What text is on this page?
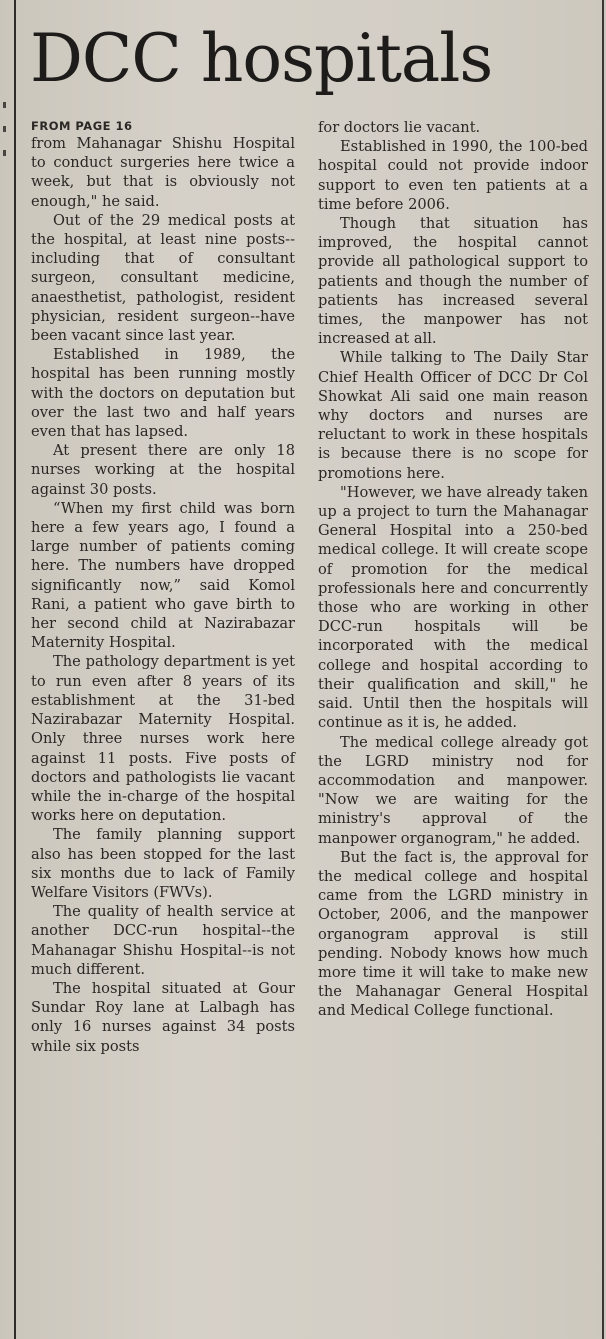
DCC hospitals
FROM PAGE 16

from Mahanagar Shishu Hospital to conduct surgeries here twice a week, but that is obviously not enough," he said.

Out of the 29 medical posts at the hospital, at least nine posts--including that of consultant surgeon, consultant medicine, anaesthetist, pathologist, resident physician, resident surgeon--have been vacant since last year.

Established in 1989, the hospital has been running mostly with the doctors on deputation but over the last two and half years even that has lapsed.

At present there are only 18 nurses working at the hospital against 30 posts.

“When my first child was born here a few years ago, I found a large number of patients coming here. The numbers have dropped significantly now,” said Komol Rani, a patient who gave birth to her second child at Nazirabazar Maternity Hospital.

The pathology department is yet to run even after 8 years of its establishment at the 31-bed Nazirabazar Maternity Hospital. Only three nurses work here against 11 posts. Five posts of doctors and pathologists lie vacant while the in-charge of the hospital works here on deputation.

The family planning support also has been stopped for the last six months due to lack of Family Welfare Visitors (FWVs).

The quality of health service at another DCC-run hospital--the Mahanagar Shishu Hospital--is not much different.

The hospital situated at Gour Sundar Roy lane at Lalbagh has only 16 nurses against 34 posts while six posts

for doctors lie vacant.

Established in 1990, the 100-bed hospital could not provide indoor support to even ten patients at a time before 2006.

Though that situation has improved, the hospital cannot provide all pathological support to patients and though the number of patients has increased several times, the manpower has not increased at all.

While talking to The Daily Star Chief Health Officer of DCC Dr Col Showkat Ali said one main reason why doctors and nurses are reluctant to work in these hospitals is because there is no scope for promotions here.

"However, we have already taken up a project to turn the Mahanagar General Hospital into a 250-bed medical college. It will create scope of promotion for the medical professionals here and concurrently those who are working in other DCC-run hospitals will be incorporated with the medical college and hospital according to their qualification and skill," he said. Until then the hospitals will continue as it is, he added.

The medical college already got the LGRD ministry nod for accommodation and manpower. "Now we are waiting for the ministry's approval of the manpower organogram," he added.

But the fact is, the approval for the medical college and hospital came from the LGRD ministry in October, 2006, and the manpower organogram approval is still pending. Nobody knows how much more time it will take to make new the Mahanagar General Hospital and Medical College functional.
